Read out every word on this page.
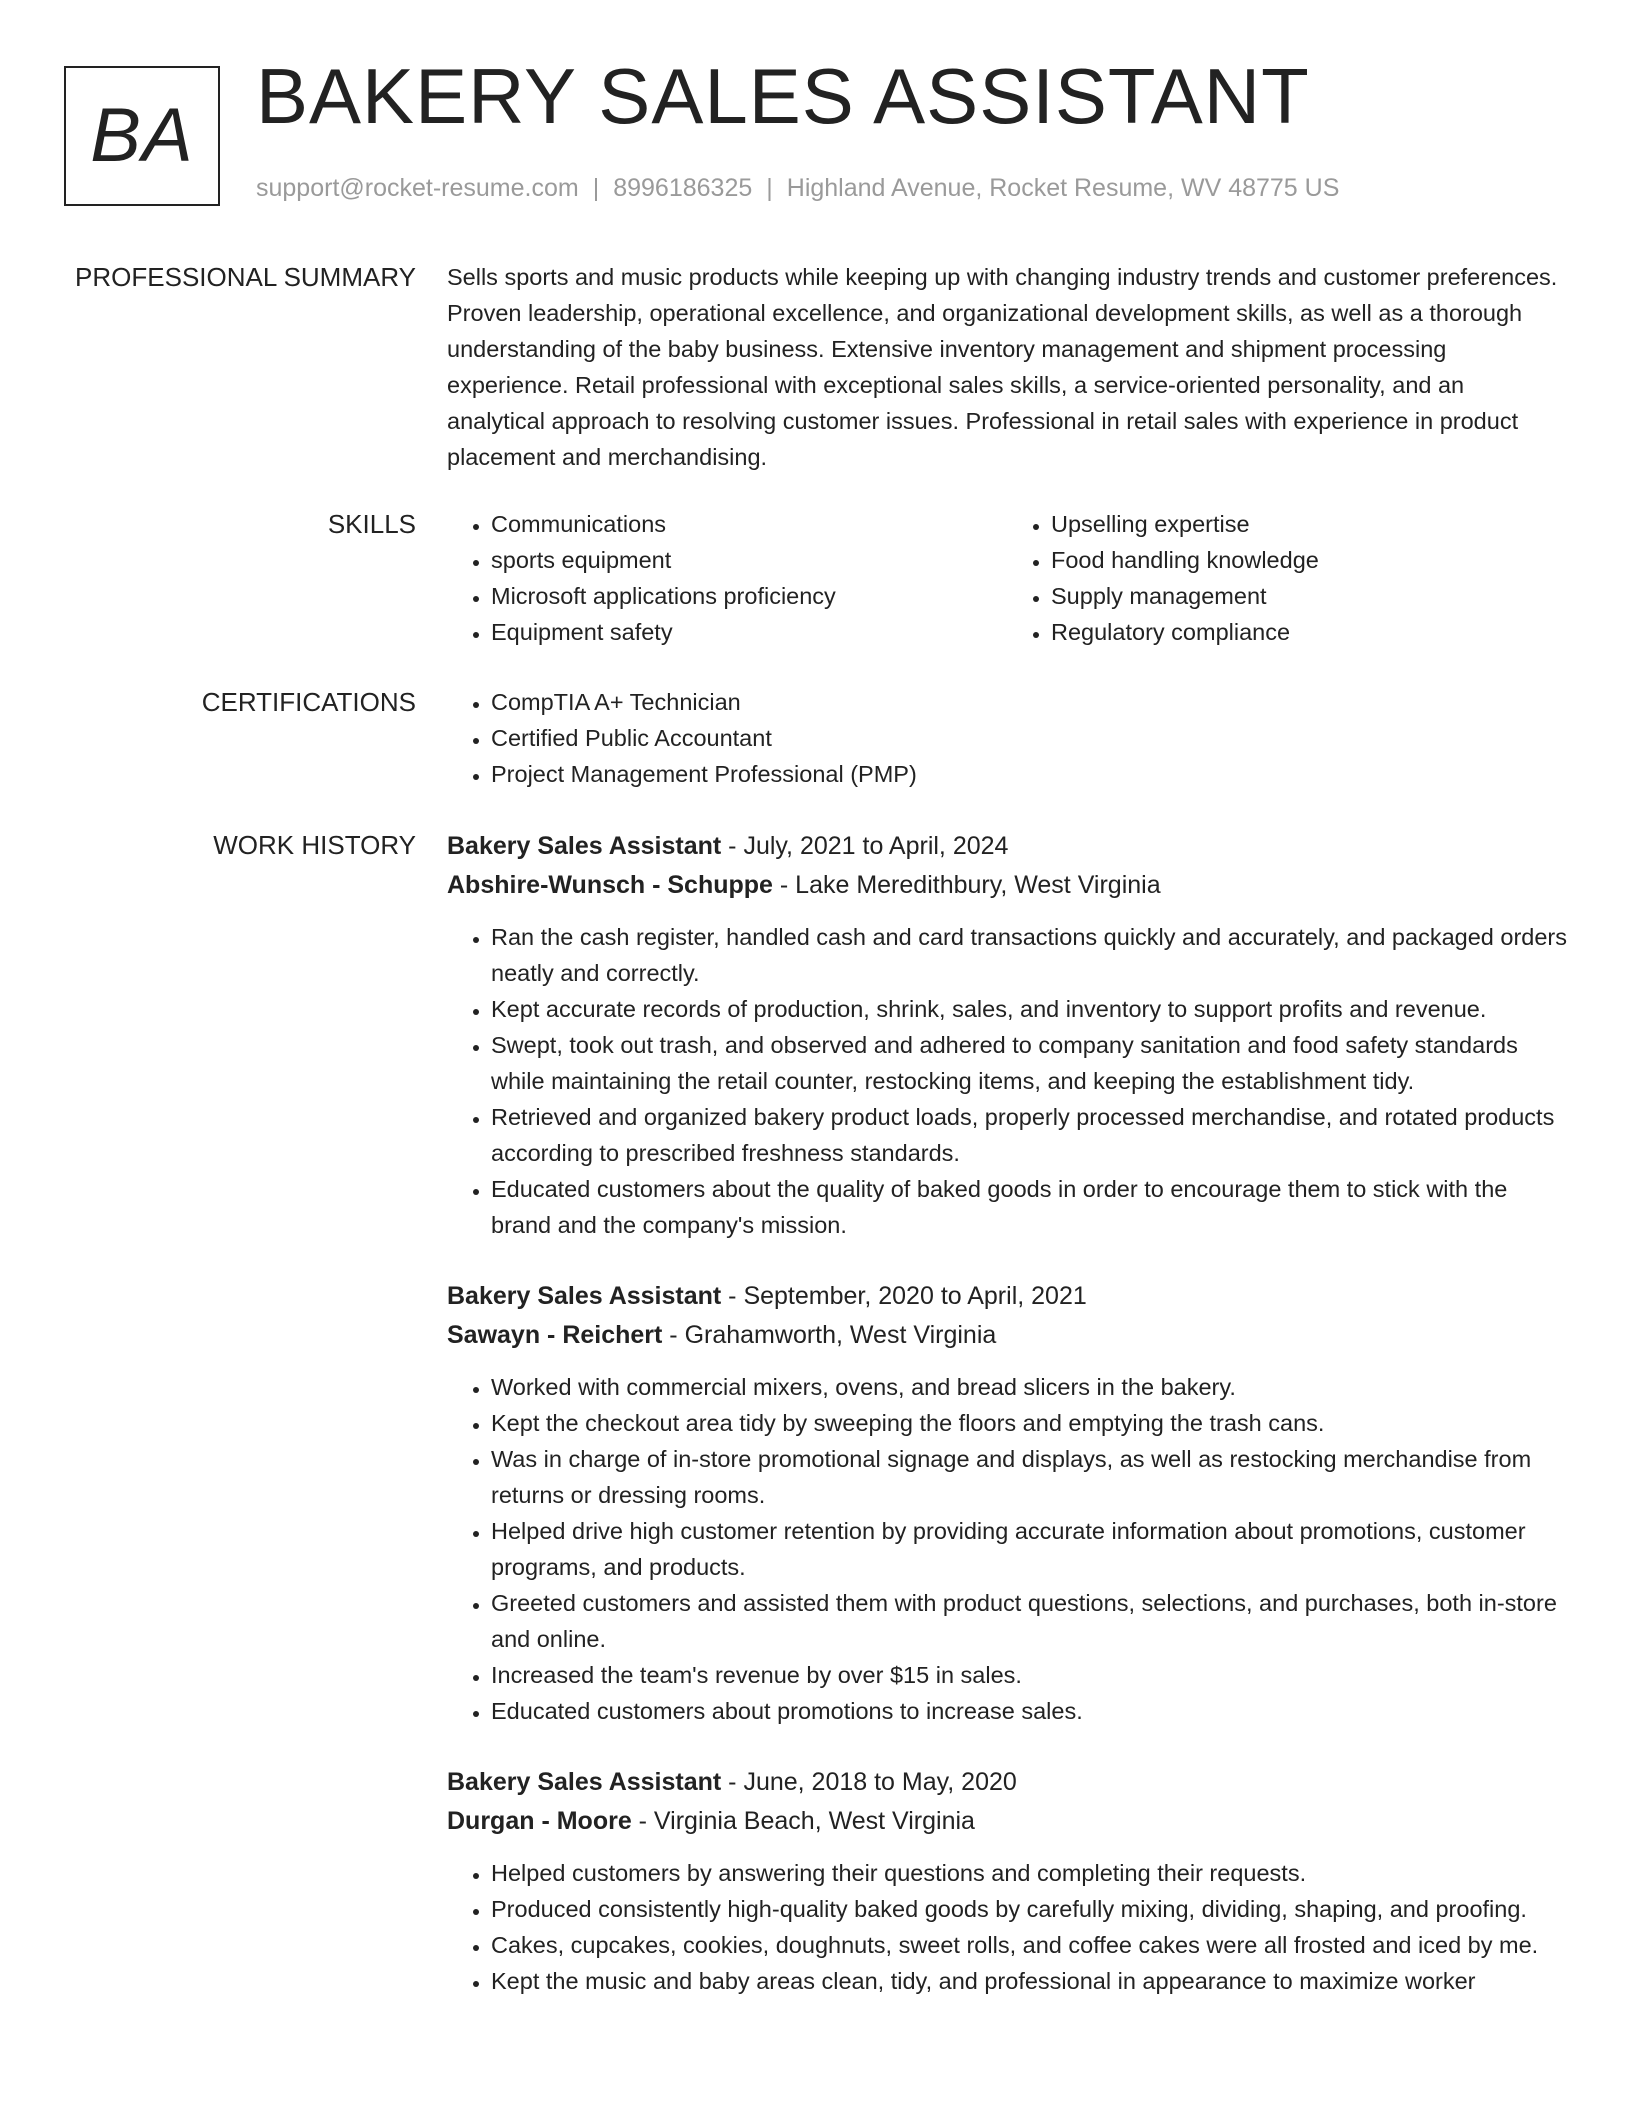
BA BAKERY SALES ASSISTANT
support@rocket-resume.com | 8996186325 | Highland Avenue, Rocket Resume, WV 48775 US
PROFESSIONAL SUMMARY Sells sports and music products while keeping up with changing industry trends and customer preferences. Proven leadership, operational excellence, and organizational development skills, as well as a thorough understanding of the baby business. Extensive inventory management and shipment processing experience. Retail professional with exceptional sales skills, a service-oriented personality, and an analytical approach to resolving customer issues. Professional in retail sales with experience in product placement and merchandising.

SKILLS	• Communications
• sports equipment
• Microsoft applications proficiency
• Equipment safety
• Upselling expertise
• Food handling knowledge
• Supply management
• Regulatory compliance
CERTIFICATIONS	• CompTIA A+ Technician
• Certified Public Accountant
• Project Management Professional (PMP)
WORK HISTORY Bakery Sales Assistant - July, 2021 to April, 2024
Abshire-Wunsch - Schuppe - Lake Meredithbury, West Virginia
• Ran the cash register, handled cash and card transactions quickly and accurately, and packaged orders neatly and correctly.
• Kept accurate records of production, shrink, sales, and inventory to support profits and revenue.
• Swept, took out trash, and observed and adhered to company sanitation and food safety standards while maintaining the retail counter, restocking items, and keeping the establishment tidy.
• Retrieved and organized bakery product loads, properly processed merchandise, and rotated products according to prescribed freshness standards.
• Educated customers about the quality of baked goods in order to encourage them to stick with the brand and the company's mission.
Bakery Sales Assistant - September, 2020 to April, 2021
Sawayn - Reichert - Grahamworth, West Virginia
• Worked with commercial mixers, ovens, and bread slicers in the bakery.
• Kept the checkout area tidy by sweeping the floors and emptying the trash cans.
• Was in charge of in-store promotional signage and displays, as well as restocking merchandise from returns or dressing rooms.
• Helped drive high customer retention by providing accurate information about promotions, customer programs, and products.
• Greeted customers and assisted them with product questions, selections, and purchases, both in-store and online.
• Increased the team's revenue by over $15 in sales.
• Educated customers about promotions to increase sales.
Bakery Sales Assistant - June, 2018 to May, 2020
Durgan - Moore - Virginia Beach, West Virginia
• Helped customers by answering their questions and completing their requests.
• Produced consistently high-quality baked goods by carefully mixing, dividing, shaping, and proofing.
• Cakes, cupcakes, cookies, doughnuts, sweet rolls, and coffee cakes were all frosted and iced by me.
• Kept the music and baby areas clean, tidy, and professional in appearance to maximize worker
